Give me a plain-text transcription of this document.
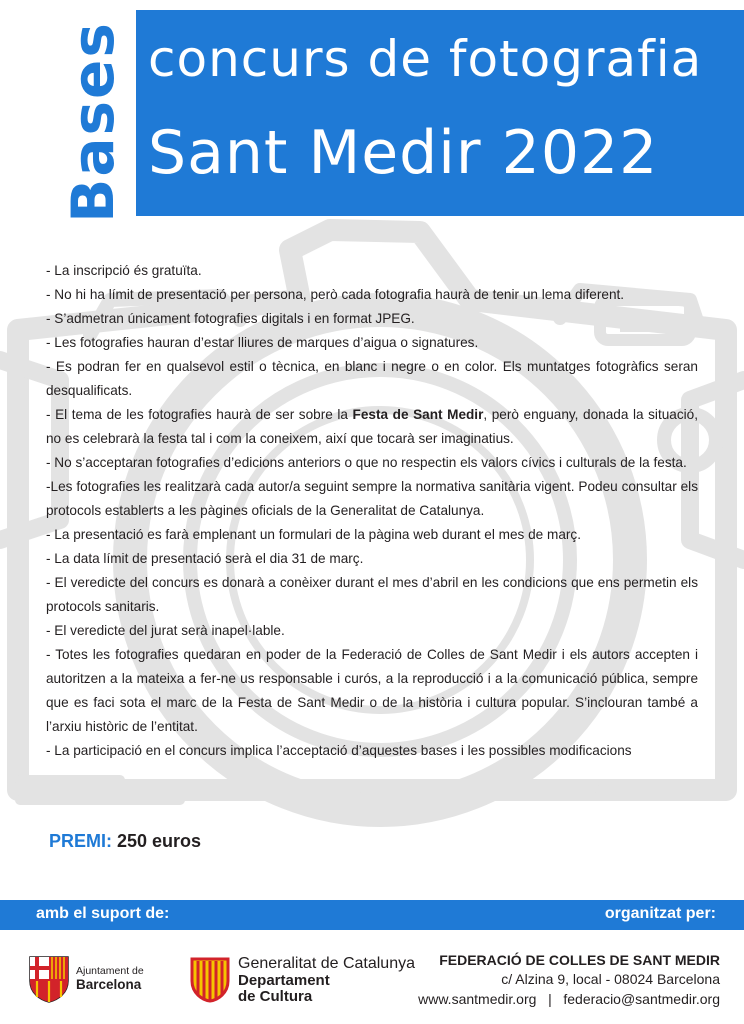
Bases concurs de fotografia
Sant Medir 2022

- La inscripció és gratuïta.

- No hi ha límit de presentació per persona, però cada fotografia haurà de tenir un lema diferent.

- S’admetran únicament fotografies digitals i en format JPEG.

- Les fotografies hauran d’estar lliures de marques d’aigua o signatures.

- Es podran fer en qualsevol estil o tècnica, en blanc i negre o en color. Els muntatges fotogràfics seran desqualificats.

- El tema de les fotografies haurà de ser sobre la Festa de Sant Medir, però enguany, donada la situació, no es celebrarà la festa tal i com la coneixem, així que tocarà ser imaginatius.

- No s’acceptaran fotografies d’edicions anteriors o que no respectin els valors cívics i culturals de la festa.

-Les fotografies les realitzarà cada autor/a seguint sempre la normativa sanitària vigent. Podeu consultar els protocols establerts a les pàgines oficials de la Generalitat de Catalunya.

- La presentació es farà emplenant un formulari de la pàgina web durant el mes de març.

- La data límit de presentació serà el dia 31 de març.

- El veredicte del concurs es donarà a conèixer durant el mes d’abril en les condicions que ens permetin els protocols sanitaris.

- El veredicte del jurat serà inapel·lable.

- Totes les fotografies quedaran en poder de la Federació de Colles de Sant Medir i els autors accepten i autoritzen a la mateixa a fer-ne us responsable i curós, a la reproducció i a la comunicació pública, sempre que es faci sota el marc de la Festa de Sant Medir o de la història i cultura popular. S’inclouran també a l’arxiu històric de l’entitat.

- La participació en el concurs implica l’acceptació d’aquestes bases i les possibles modificacions

PREMI: 250 euros
amb el suport de:	organitzat per:
Ajuntament de
Barcelona
Generalitat de Catalunya
Departament
de Cultura
FEDERACIÓ DE COLLES DE SANT MEDIR
c/ Alzina 9, local - 08024 Barcelona
www.santmedir.org   |   federacio@santmedir.org
